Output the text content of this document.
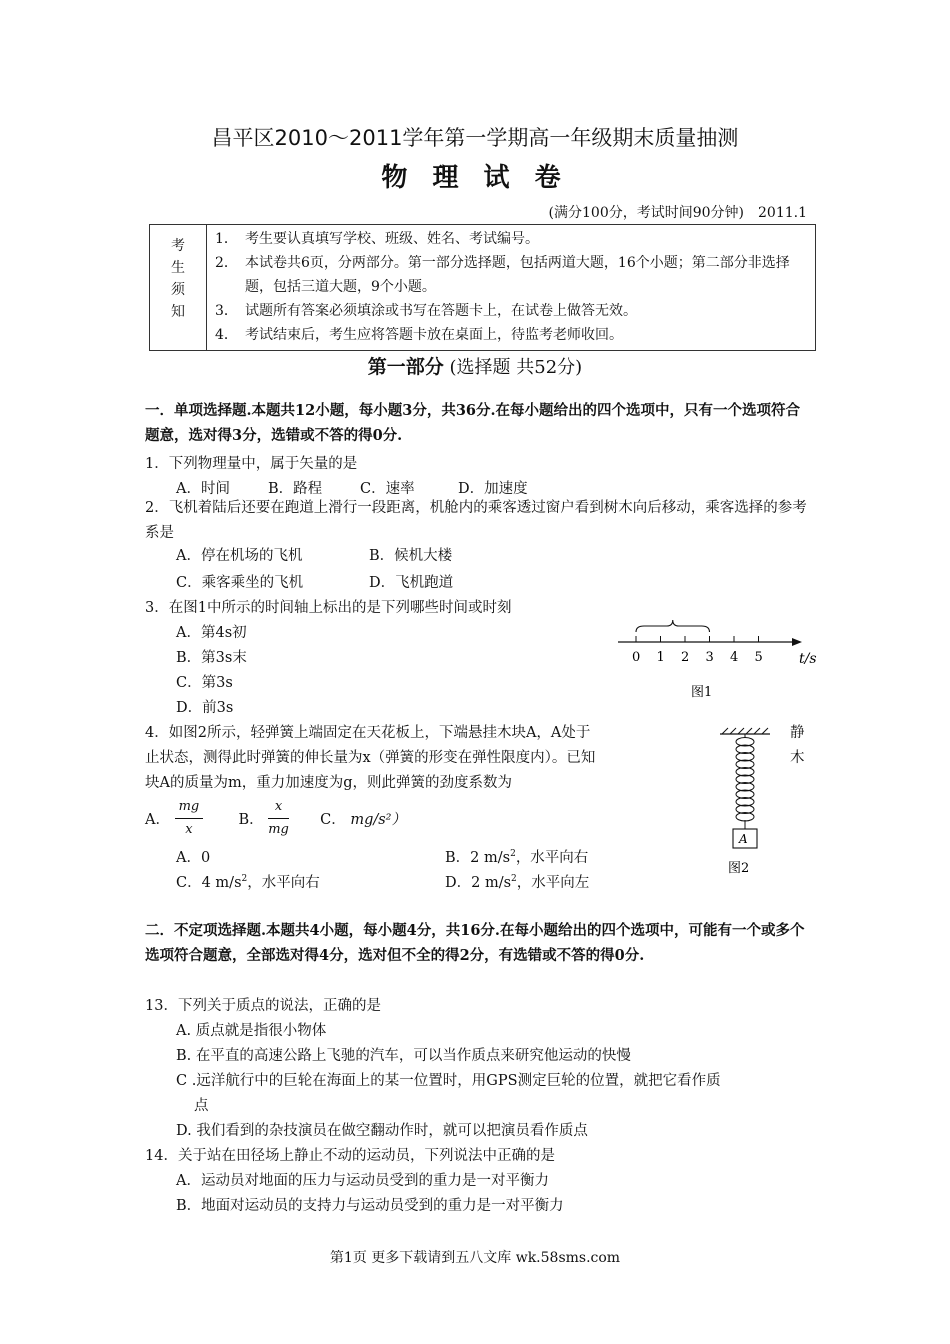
昌平区2010～2011学年第一学期高一年级期末质量抽测
物 理 试 卷
(满分100分，考试时间90分钟)　2011.1
考
生
须
知

1． 考生要认真填写学校、班级、姓名、考试编号。
2． 本试卷共6页，分两部分。第一部分选择题，包括两道大题，16个小题；第二部分非选择题，包括三道大题，9个小题。
3． 试题所有答案必须填涂或书写在答题卡上，在试卷上做答无效。
4． 考试结束后，考生应将答题卡放在桌面上，待监考老师收回。
第一部分 (选择题 共52分)
一．单项选择题.本题共12小题，每小题3分，共36分.在每小题给出的四个选项中，只有一个选项符合题意，选对得3分，选错或不答的得0分.
1．下列物理量中，属于矢量的是
A．时间	B．路程	C．速率	D．加速度
2．飞机着陆后还要在跑道上滑行一段距离，机舱内的乘客透过窗户看到树木向后移动，乘客选择的参考系是
A．停在机场的飞机	B．候机大楼
C．乘客乘坐的飞机	D．飞机跑道
3．在图1中所示的时间轴上标出的是下列哪些时间或时刻
A．第4s初
B．第3s末
C．第3s
D．前3s
0 1 2 3 4 5	t/s
图1
4．如图2所示，轻弹簧上端固定在天花板上，下端悬挂木块A，A处于	静
止状态，测得此时弹簧的伸长量为x（弹簧的形变在弹性限度内）。已知	木
块A的质量为m，重力加速度为g，则此弹簧的劲度系数为
A． $\frac{mg}{x}$ B． $\frac{x}{mg}$ C． mg/s²）
A
图2
A．0	B．2 $m/s^2$，水平向右
C．4 $m/s^2$，水平向右	D．2 $m/s^2$，水平向左
二．不定项选择题.本题共4小题，每小题4分，共16分.在每小题给出的四个选项中，可能有一个或多个选项符合题意，全部选对得4分，选对但不全的得2分，有选错或不答的得0分.
13．下列关于质点的说法，正确的是
A. 质点就是指很小物体
B. 在平直的高速公路上飞驰的汽车，可以当作质点来研究他运动的快慢
C .远洋航行中的巨轮在海面上的某一位置时，用GPS测定巨轮的位置，就把它看作质
点
D. 我们看到的杂技演员在做空翻动作时，就可以把演员看作质点
14．关于站在田径场上静止不动的运动员，下列说法中正确的是
A．运动员对地面的压力与运动员受到的重力是一对平衡力
B．地面对运动员的支持力与运动员受到的重力是一对平衡力
第1页 更多下载请到五八文库 wk.58sms.com
